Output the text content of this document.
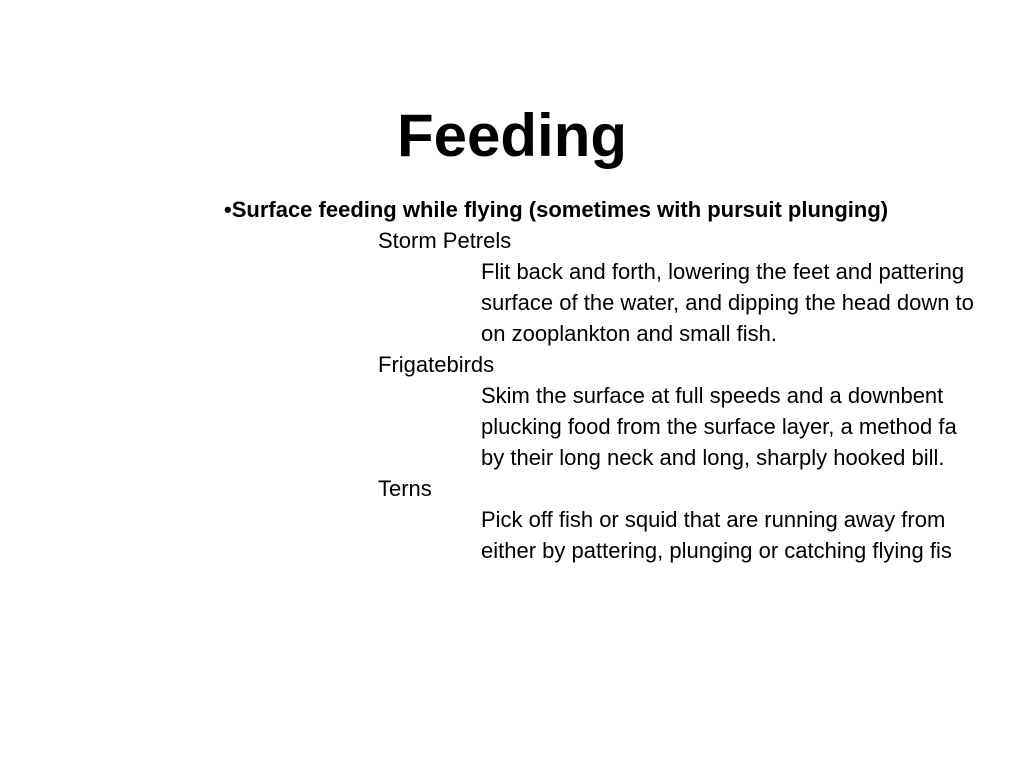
Feeding
•Surface feeding while flying (sometimes with pursuit plunging)
Storm Petrels
Flit back and forth, lowering the feet and pattering
surface of the water, and dipping the head down to
on zooplankton and small fish.
Frigatebirds
Skim the surface at full speeds and a downbent
plucking food from the surface layer, a method fa
by their long neck and long, sharply hooked bill.
Terns
Pick off fish or squid that are running away from
either by pattering, plunging or catching flying fis
